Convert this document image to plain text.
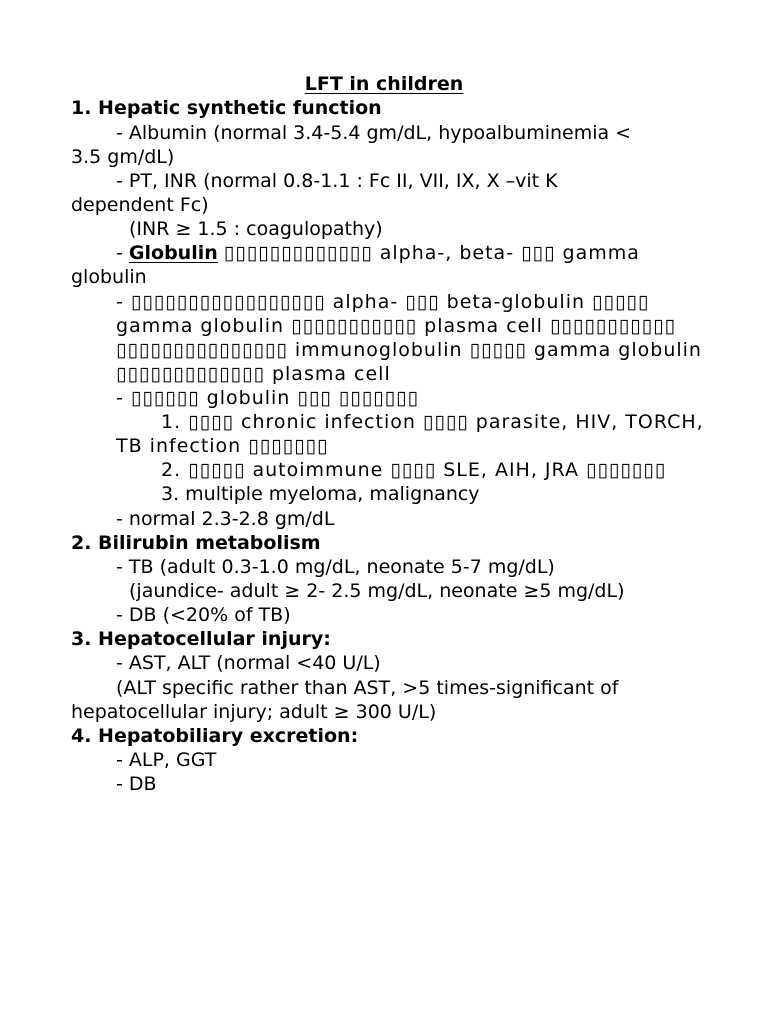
LFT in children
1. Hepatic synthetic function
- Albumin (normal 3.4-5.4 gm/dL, hypoalbuminemia <
3.5 gm/dL)
- PT, INR (normal 0.8-1.1 : Fc II, VII, IX, X –vit K
dependent Fc)
(INR ≥ 1.5 : coagulopathy)
- Globulin ▯▯▯▯▯▯▯▯▯▯▯▯▯ alpha-, beta- ▯▯▯ gamma
globulin
- ▯▯▯▯▯▯▯▯▯▯▯▯▯▯▯▯▯ alpha- ▯▯▯ beta-globulin ▯▯▯▯▯
gamma globulin ▯▯▯▯▯▯▯▯▯▯▯ plasma cell ▯▯▯▯▯▯▯▯▯▯▯
▯▯▯▯▯▯▯▯▯▯▯▯▯▯▯ immunoglobulin ▯▯▯▯▯ gamma globulin
▯▯▯▯▯▯▯▯▯▯▯▯▯ plasma cell
- ▯▯▯▯▯▯ globulin ▯▯▯ ▯▯▯▯▯▯▯
1. ▯▯▯▯ chronic infection ▯▯▯▯ parasite, HIV, TORCH,
TB infection ▯▯▯▯▯▯▯
2. ▯▯▯▯▯ autoimmune ▯▯▯▯ SLE, AIH, JRA ▯▯▯▯▯▯▯
3. multiple myeloma, malignancy
- normal 2.3-2.8 gm/dL
2. Bilirubin metabolism
- TB (adult 0.3-1.0 mg/dL, neonate 5-7 mg/dL)
(jaundice- adult ≥ 2- 2.5 mg/dL, neonate ≥5 mg/dL)
- DB (<20% of TB)
3. Hepatocellular injury:
- AST, ALT (normal <40 U/L)
(ALT specific rather than AST, >5 times-significant of
hepatocellular injury; adult ≥ 300 U/L)
4. Hepatobiliary excretion:
- ALP, GGT
- DB
